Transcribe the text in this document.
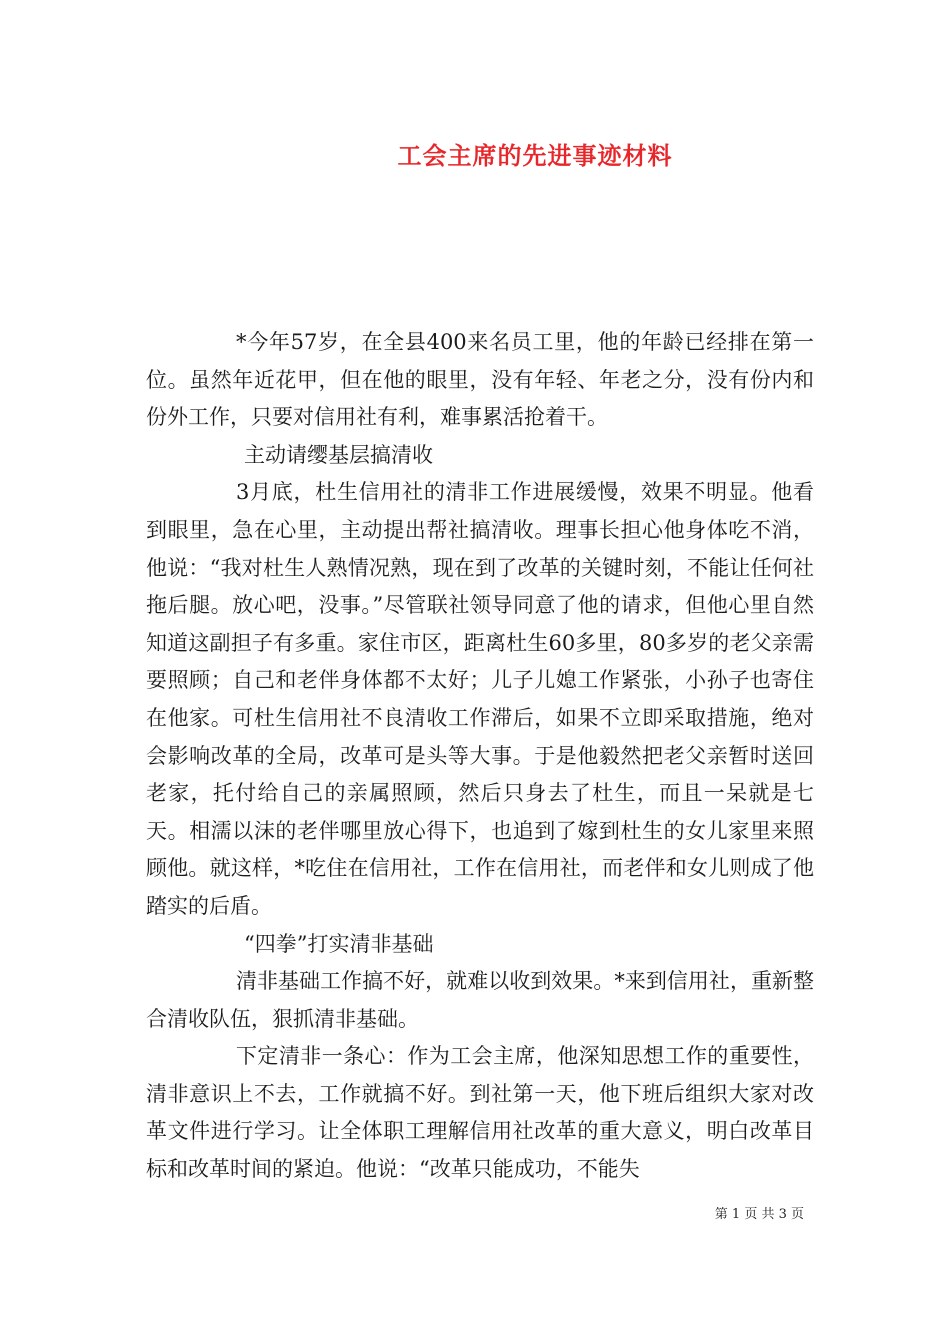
工会主席的先进事迹材料

*今年57岁，在全县400来名员工里，他的年龄已经排在第一位。虽然年近花甲，但在他的眼里，没有年轻、年老之分，没有份内和份外工作，只要对信用社有利，难事累活抢着干。

主动请缨基层搞清收

3月底，杜生信用社的清非工作进展缓慢，效果不明显。他看到眼里，急在心里，主动提出帮社搞清收。理事长担心他身体吃不消，他说：“我对杜生人熟情况熟，现在到了改革的关键时刻，不能让任何社拖后腿。放心吧，没事。”尽管联社领导同意了他的请求，但他心里自然知道这副担子有多重。家住市区，距离杜生60多里，80多岁的老父亲需要照顾；自己和老伴身体都不太好；儿子儿媳工作紧张，小孙子也寄住在他家。可杜生信用社不良清收工作滞后，如果不立即采取措施，绝对会影响改革的全局，改革可是头等大事。于是他毅然把老父亲暂时送回老家，托付给自己的亲属照顾，然后只身去了杜生，而且一呆就是七天。相濡以沫的老伴哪里放心得下，也追到了嫁到杜生的女儿家里来照顾他。就这样，*吃住在信用社，工作在信用社，而老伴和女儿则成了他踏实的后盾。

“四拳”打实清非基础

清非基础工作搞不好，就难以收到效果。*来到信用社，重新整合清收队伍，狠抓清非基础。

下定清非一条心：作为工会主席，他深知思想工作的重要性，清非意识上不去，工作就搞不好。到社第一天，他下班后组织大家对改革文件进行学习。让全体职工理解信用社改革的重大意义，明白改革目标和改革时间的紧迫。他说：“改革只能成功，不能失

第 1 页 共 3 页
